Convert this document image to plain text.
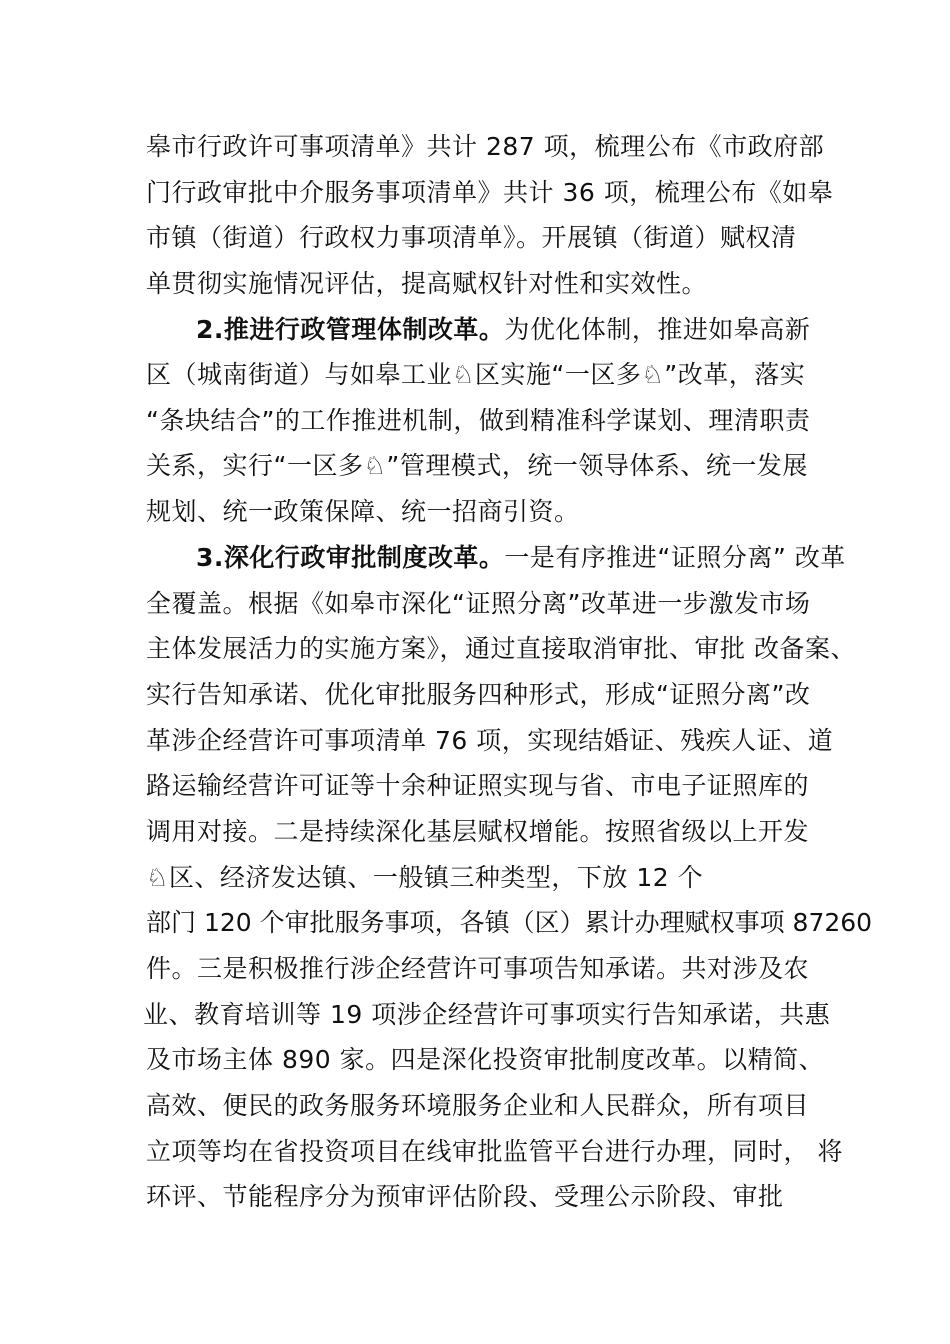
皋市行政许可事项清单》共计 287 项，梳理公布《市政府部
门行政审批中介服务事项清单》共计 36 项，梳理公布《如皋
市镇（街道）行政权力事项清单》。开展镇（街道）赋权清
单贯彻实施情况评估，提高赋权针对性和实效性。
2.推进行政管理体制改革。为优化体制，推进如皋高新
区（城南街道）与如皋工业♘区实施“一区多♘”改革，落实
“条块结合”的工作推进机制，做到精准科学谋划、理清职责
关系，实行“一区多♘”管理模式，统一领导体系、统一发展
规划、统一政策保障、统一招商引资。
3.深化行政审批制度改革。一是有序推进“证照分离” 改革
全覆盖。根据《如皋市深化“证照分离”改革进一步激发市场
主体发展活力的实施方案》，通过直接取消审批、审批 改备案、
实行告知承诺、优化审批服务四种形式，形成“证照分离”改
革涉企经营许可事项清单 76 项，实现结婚证、残疾人证、道
路运输经营许可证等十余种证照实现与省、市电子证照库的
调用对接。二是持续深化基层赋权增能。按照省级以上开发
♘区、经济发达镇、一般镇三种类型，下放 12 个
部门 120 个审批服务事项，各镇（区）累计办理赋权事项 87260
件。三是积极推行涉企经营许可事项告知承诺。共对涉及农
业、教育培训等 19 项涉企经营许可事项实行告知承诺，共惠
及市场主体 890 家。四是深化投资审批制度改革。以精简、
高效、便民的政务服务环境服务企业和人民群众，所有项目
立项等均在省投资项目在线审批监管平台进行办理，同时， 将
环评、节能程序分为预审评估阶段、受理公示阶段、审批
